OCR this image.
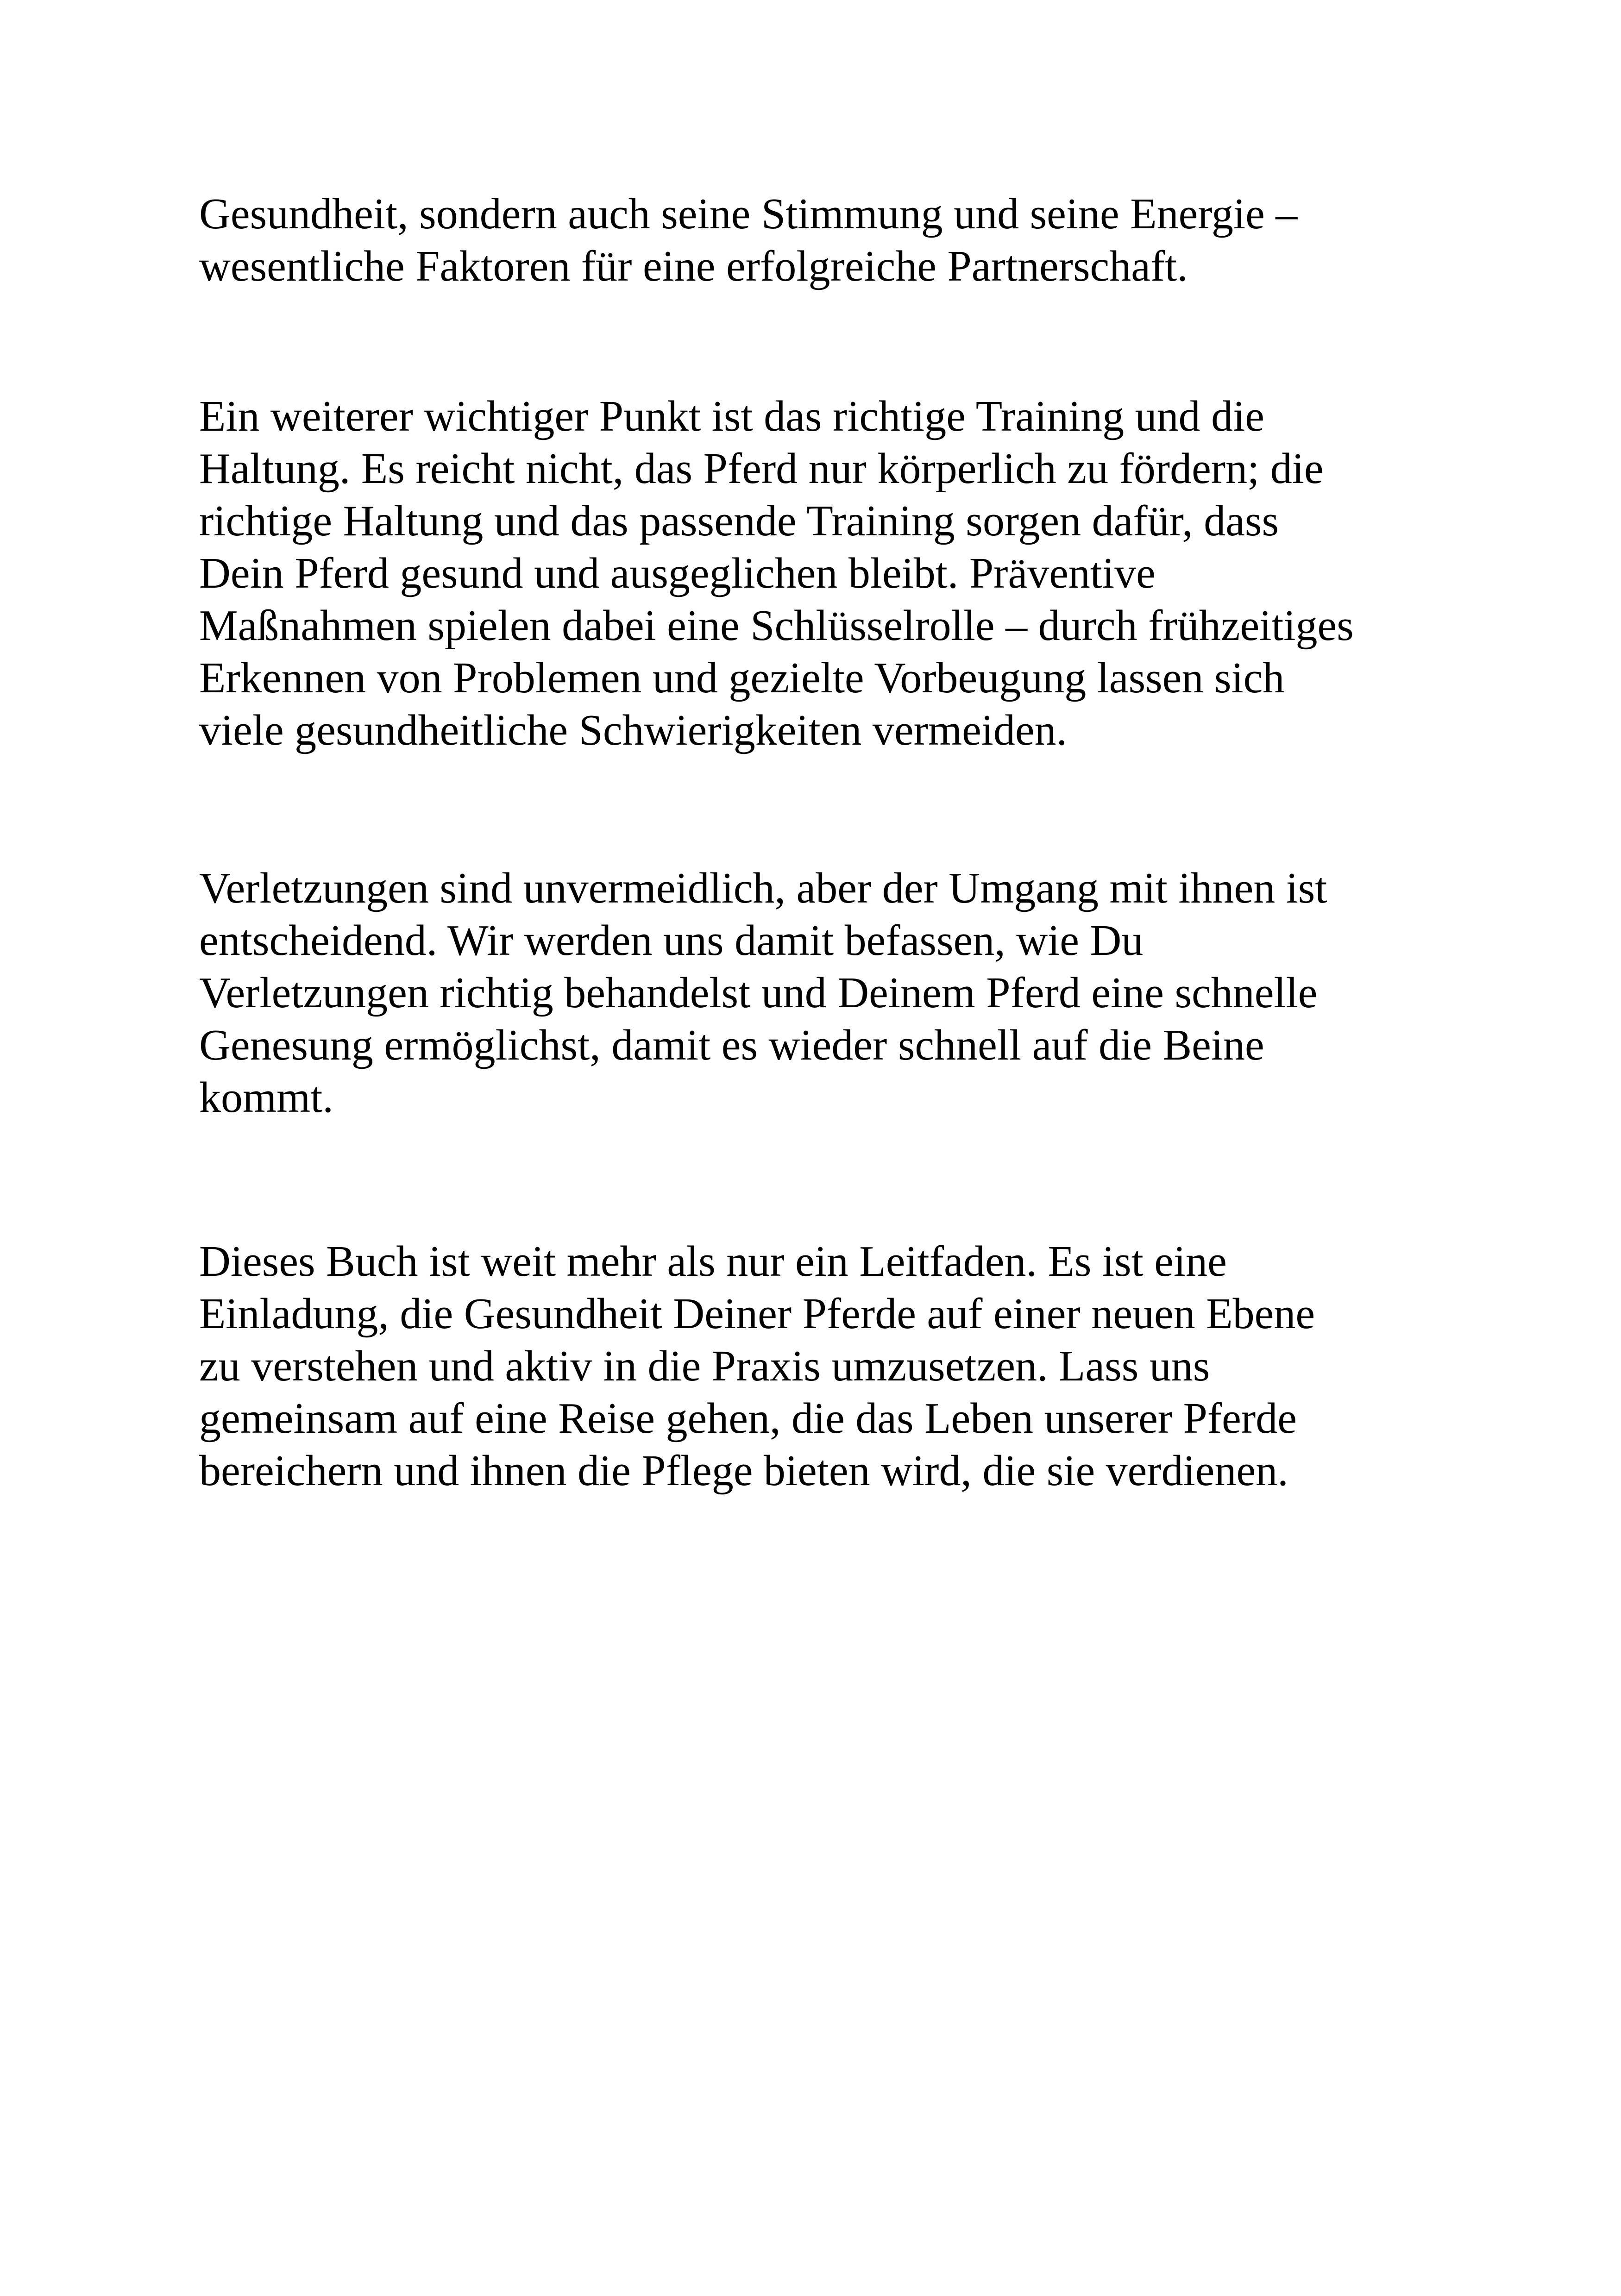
Gesundheit, sondern auch seine Stimmung und seine Energie –
wesentliche Faktoren für eine erfolgreiche Partnerschaft.

Ein weiterer wichtiger Punkt ist das richtige Training und die
Haltung. Es reicht nicht, das Pferd nur körperlich zu fördern; die
richtige Haltung und das passende Training sorgen dafür, dass
Dein Pferd gesund und ausgeglichen bleibt. Präventive
Maßnahmen spielen dabei eine Schlüsselrolle – durch frühzeitiges
Erkennen von Problemen und gezielte Vorbeugung lassen sich
viele gesundheitliche Schwierigkeiten vermeiden.

Verletzungen sind unvermeidlich, aber der Umgang mit ihnen ist
entscheidend. Wir werden uns damit befassen, wie Du
Verletzungen richtig behandelst und Deinem Pferd eine schnelle
Genesung ermöglichst, damit es wieder schnell auf die Beine
kommt.

Dieses Buch ist weit mehr als nur ein Leitfaden. Es ist eine
Einladung, die Gesundheit Deiner Pferde auf einer neuen Ebene
zu verstehen und aktiv in die Praxis umzusetzen. Lass uns
gemeinsam auf eine Reise gehen, die das Leben unserer Pferde
bereichern und ihnen die Pflege bieten wird, die sie verdienen.
